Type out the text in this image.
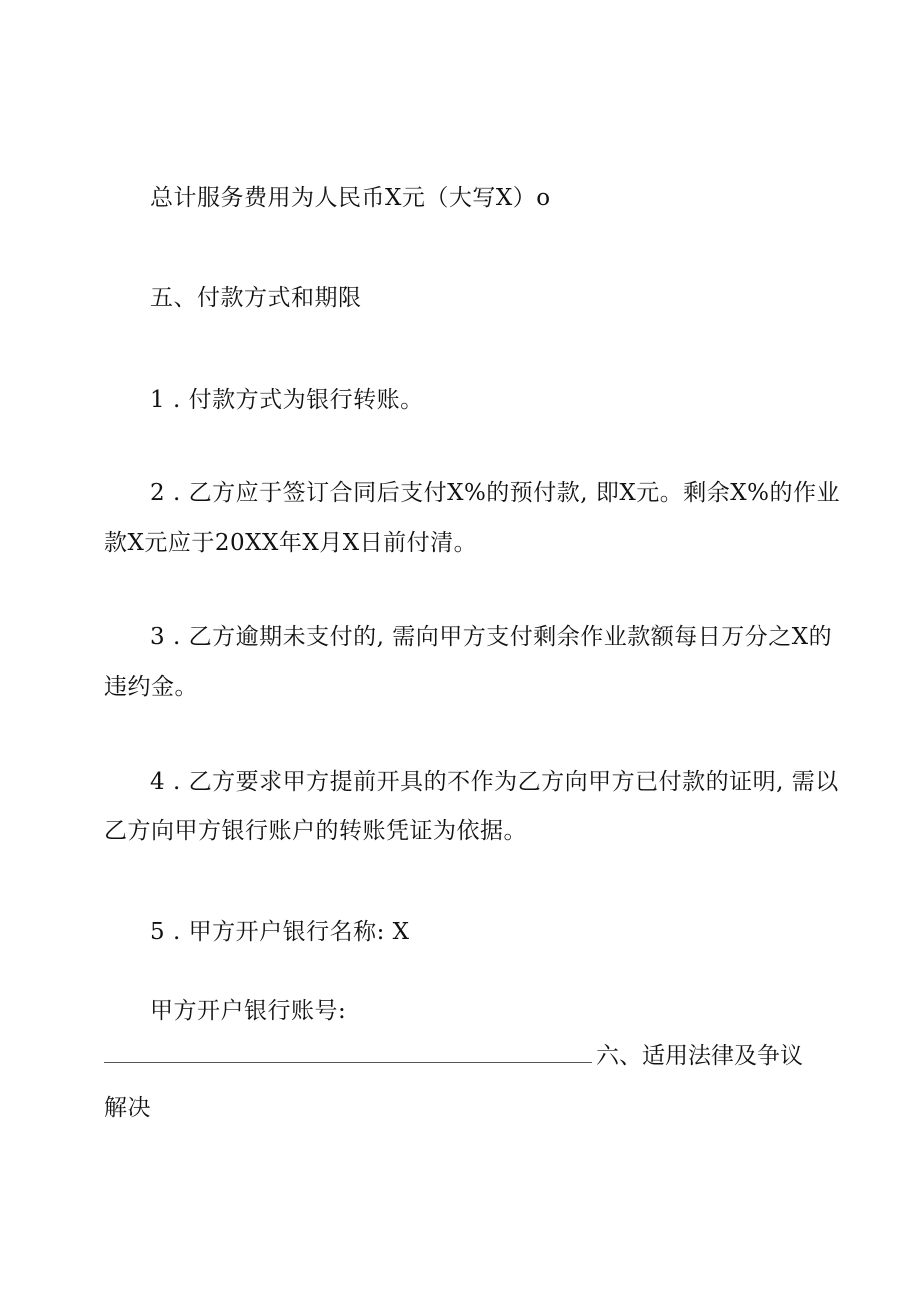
总计服务费用为人民币X元（大写X）o
五、付款方式和期限
1 . 付款方式为银行转账。
2 . 乙方应于签订合同后支付X%的预付款, 即X元。剩余X%的作业
款X元应于20XX年X月X日前付清。
3 . 乙方逾期未支付的, 需向甲方支付剩余作业款额每日万分之X的
违约金。
4 . 乙方要求甲方提前开具的不作为乙方向甲方已付款的证明, 需以
乙方向甲方银行账户的转账凭证为依据。
5 . 甲方开户银行名称: X
甲方开户银行账号:
六、适用法律及争议
解决
